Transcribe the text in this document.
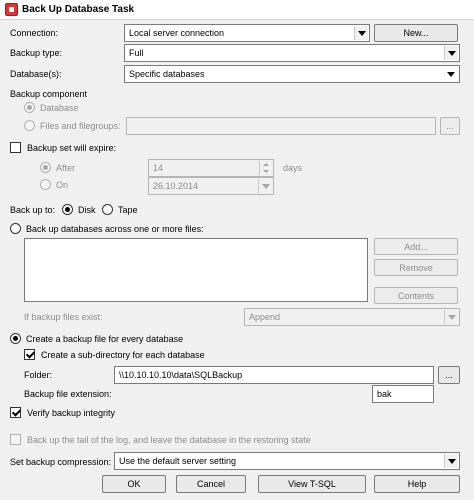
Back Up Database Task
Connection:	Local server connection	New...
Backup type:	Full
Database(s):	Specific databases
Backup component
Database
Files and filegroups:	...
Backup set will expire:
After	14	days
On	26.10.2014
Back up to:	Disk	Tape
Back up databases across one or more files:
Add...
Remove
Contents
If backup files exist:	Append
Create a backup file for every database
Create a sub-directory for each database
Folder:	\\10.10.10.10\data\SQLBackup	...
Backup file extension:	bak
Verify backup integrity
Back up the tail of the log, and leave the database in the restoring state
Set backup compression: Use the default server setting
OK	Cancel	View T-SQL	Help
